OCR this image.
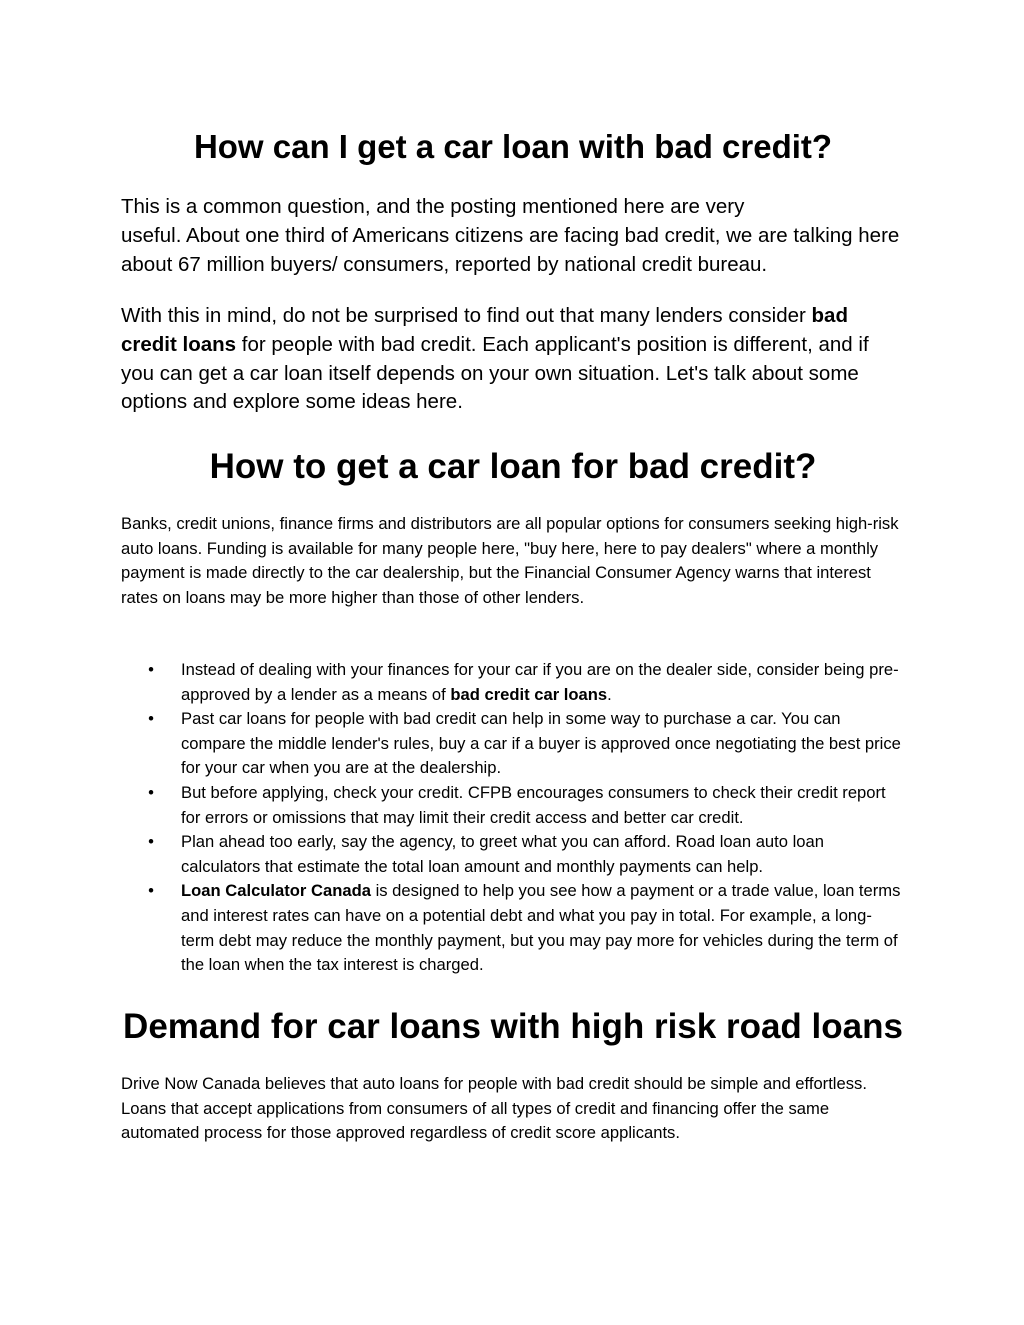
How can I get a car loan with bad credit?

This is a common question, and the posting mentioned here are very
useful. About one third of Americans citizens are facing bad credit, we are talking here about 67 million buyers/ consumers, reported by national credit bureau.

With this in mind, do not be surprised to find out that many lenders consider bad credit loans for people with bad credit. Each applicant's position is different, and if you can get a car loan itself depends on your own situation. Let's talk about some options and explore some ideas here.

How to get a car loan for bad credit?

Banks, credit unions, finance firms and distributors are all popular options for consumers seeking high-risk auto loans. Funding is available for many people here, "buy here, here to pay dealers" where a monthly payment is made directly to the car dealership, but the Financial Consumer Agency warns that interest rates on loans may be more higher than those of other lenders.

•	Instead of dealing with your finances for your car if you are on the dealer side, consider being pre-approved by a lender as a means of bad credit car loans.
•	Past car loans for people with bad credit can help in some way to purchase a car. You can compare the middle lender's rules, buy a car if a buyer is approved once negotiating the best price for your car when you are at the dealership.
•	But before applying, check your credit. CFPB encourages consumers to check their credit report for errors or omissions that may limit their credit access and better car credit.
•	Plan ahead too early, say the agency, to greet what you can afford. Road loan auto loan calculators that estimate the total loan amount and monthly payments can help.
•	Loan Calculator Canada is designed to help you see how a payment or a trade value, loan terms and interest rates can have on a potential debt and what you pay in total. For example, a long-term debt may reduce the monthly payment, but you may pay more for vehicles during the term of the loan when the tax interest is charged.
Demand for car loans with high risk road loans

Drive Now Canada believes that auto loans for people with bad credit should be simple and effortless. Loans that accept applications from consumers of all types of credit and financing offer the same automated process for those approved regardless of credit score applicants.
